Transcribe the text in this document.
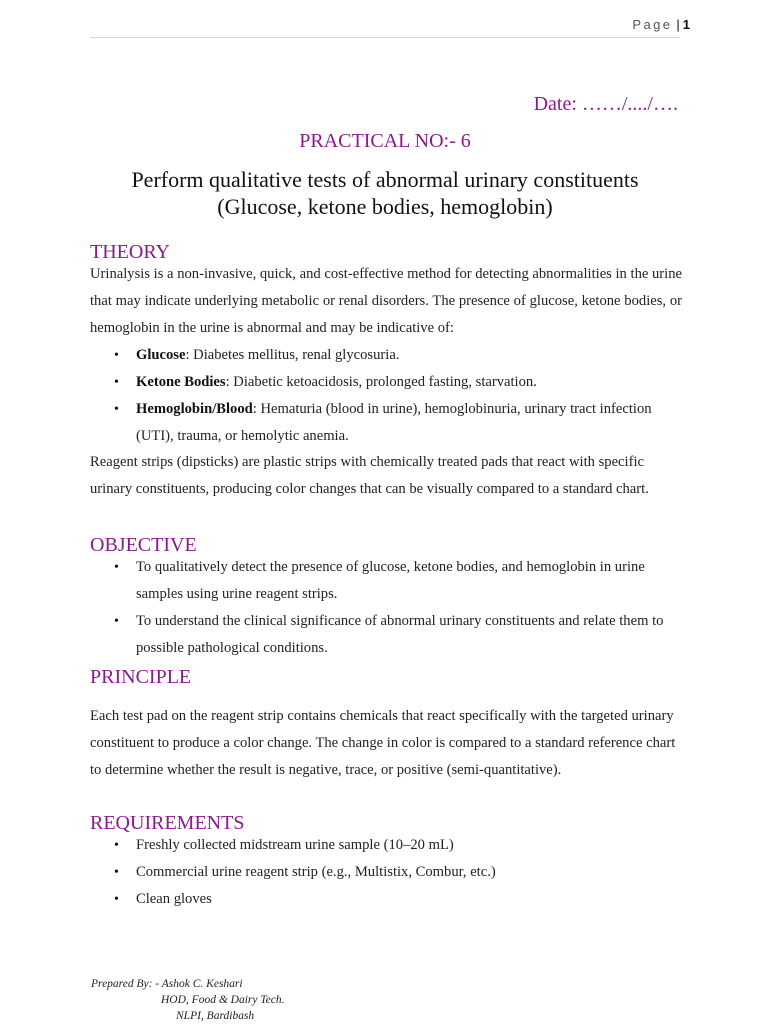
Page | 1
Date: ……/..../….
PRACTICAL NO:- 6
Perform qualitative tests of abnormal urinary constituents
(Glucose, ketone bodies, hemoglobin)
THEORY
Urinalysis is a non-invasive, quick, and cost-effective method for detecting abnormalities in the urine that may indicate underlying metabolic or renal disorders. The presence of glucose, ketone bodies, or hemoglobin in the urine is abnormal and may be indicative of:
• Glucose: Diabetes mellitus, renal glycosuria.
• Ketone Bodies: Diabetic ketoacidosis, prolonged fasting, starvation.
• Hemoglobin/Blood: Hematuria (blood in urine), hemoglobinuria, urinary tract infection (UTI), trauma, or hemolytic anemia.
Reagent strips (dipsticks) are plastic strips with chemically treated pads that react with specific urinary constituents, producing color changes that can be visually compared to a standard chart.
OBJECTIVE
• To qualitatively detect the presence of glucose, ketone bodies, and hemoglobin in urine samples using urine reagent strips.
• To understand the clinical significance of abnormal urinary constituents and relate them to possible pathological conditions.
PRINCIPLE
Each test pad on the reagent strip contains chemicals that react specifically with the targeted urinary constituent to produce a color change. The change in color is compared to a standard reference chart to determine whether the result is negative, trace, or positive (semi-quantitative).
REQUIREMENTS
• Freshly collected midstream urine sample (10–20 mL)
• Commercial urine reagent strip (e.g., Multistix, Combur, etc.)
• Clean gloves
Prepared By: - Ashok C. Keshari
HOD, Food & Dairy Tech.
NLPI, Bardibash
